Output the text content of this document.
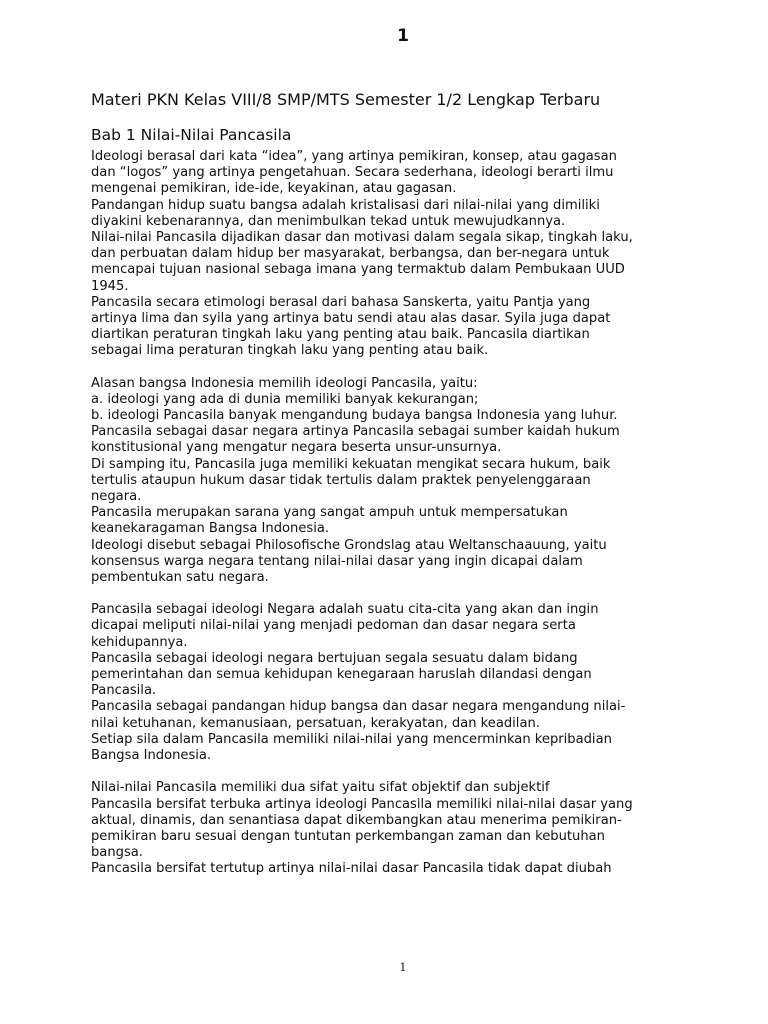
1
Materi PKN Kelas VIII/8 SMP/MTS Semester 1/2 Lengkap Terbaru
Bab 1 Nilai-Nilai Pancasila
Ideologi berasal dari kata “idea”, yang artinya pemikiran, konsep, atau gagasan
dan “logos” yang artinya pengetahuan. Secara sederhana, ideologi berarti ilmu
mengenai pemikiran, ide-ide, keyakinan, atau gagasan.
Pandangan hidup suatu bangsa adalah kristalisasi dari nilai-nilai yang dimiliki
diyakini kebenarannya, dan menimbulkan tekad untuk mewujudkannya.
Nilai-nilai Pancasila dijadikan dasar dan motivasi dalam segala sikap, tingkah laku,
dan perbuatan dalam hidup ber masyarakat, berbangsa, dan ber-negara untuk
mencapai tujuan nasional sebaga imana yang termaktub dalam Pembukaan UUD
1945.
Pancasila secara etimologi berasal dari bahasa Sanskerta, yaitu Pantja yang
artinya lima dan syila yang artinya batu sendi atau alas dasar. Syila juga dapat
diartikan peraturan tingkah laku yang penting atau baik. Pancasila diartikan
sebagai lima peraturan tingkah laku yang penting atau baik.
Alasan bangsa Indonesia memilih ideologi Pancasila, yaitu:
a. ideologi yang ada di dunia memiliki banyak kekurangan;
b. ideologi Pancasila banyak mengandung budaya bangsa Indonesia yang luhur.
Pancasila sebagai dasar negara artinya Pancasila sebagai sumber kaidah hukum
konstitusional yang mengatur negara beserta unsur-unsurnya.
Di samping itu, Pancasila juga memiliki kekuatan mengikat secara hukum, baik
tertulis ataupun hukum dasar tidak tertulis dalam praktek penyelenggaraan
negara.
Pancasila merupakan sarana yang sangat ampuh untuk mempersatukan
keanekaragaman Bangsa Indonesia.
Ideologi disebut sebagai Philosofische Grondslag atau Weltanschaauung, yaitu
konsensus warga negara tentang nilai-nilai dasar yang ingin dicapai dalam
pembentukan satu negara.
Pancasila sebagai ideologi Negara adalah suatu cita-cita yang akan dan ingin
dicapai meliputi nilai-nilai yang menjadi pedoman dan dasar negara serta
kehidupannya.
Pancasila sebagai ideologi negara bertujuan segala sesuatu dalam bidang
pemerintahan dan semua kehidupan kenegaraan haruslah dilandasi dengan
Pancasila.
Pancasila sebagai pandangan hidup bangsa dan dasar negara mengandung nilai-
nilai ketuhanan, kemanusiaan, persatuan, kerakyatan, dan keadilan.
Setiap sila dalam Pancasila memiliki nilai-nilai yang mencerminkan kepribadian
Bangsa Indonesia.
Nilai-nilai Pancasila memiliki dua sifat yaitu sifat objektif dan subjektif
Pancasila bersifat terbuka artinya ideologi Pancasila memiliki nilai-nilai dasar yang
aktual, dinamis, dan senantiasa dapat dikembangkan atau menerima pemikiran-
pemikiran baru sesuai dengan tuntutan perkembangan zaman dan kebutuhan
bangsa.
Pancasila bersifat tertutup artinya nilai-nilai dasar Pancasila tidak dapat diubah
1
